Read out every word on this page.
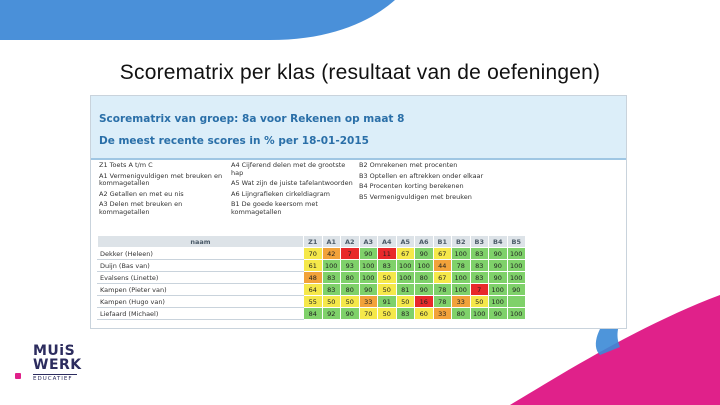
Scorematrix per klas (resultaat van de oefeningen)
Scorematrix van groep: 8a voor Rekenen op maat 8
De meest recente scores in % per 18-01-2015
Z1 Toets A t/m C
A1 Vermenigvuldigen met breuken en kommagetallen
A2 Getallen en met eu nis
A3 Delen met breuken en kommagetallen
A4 Cijferend delen met de grootste hap
A5 Wat zijn de juiste tafelantwoorden
A6 Lijngrafieken cirkeldiagram
B1 De goede keersom met kommagetallen
B2 Omrekenen met procenten
B3 Optellen en aftrekken onder elkaar
B4 Procenten korting berekenen
B5 Vermenigvuldigen met breuken
naam	Z1	A1	A2	A3	A4	A5	A6	B1	B2	B3	B4	B5
Dekker (Heleen)	70	42	7	90	11	67	90	67	100	83	90	100
Duijn (Bas van)	61	100	93	100	83	100	100	44	78	83	90	100
Evalsens (Linette)	48	83	80	100	50	100	80	67	100	83	90	100
Kampen (Pieter van)	64	83	80	90	50	81	90	78	100	7	100	90
Kampen (Hugo van)	55	50	50	33	91	50	16	78	33	50	100	
Liefaard (Michael)	84	92	90	70	50	83	60	33	80	100	90	100
MUiS
WERK
EDUCATIEF
